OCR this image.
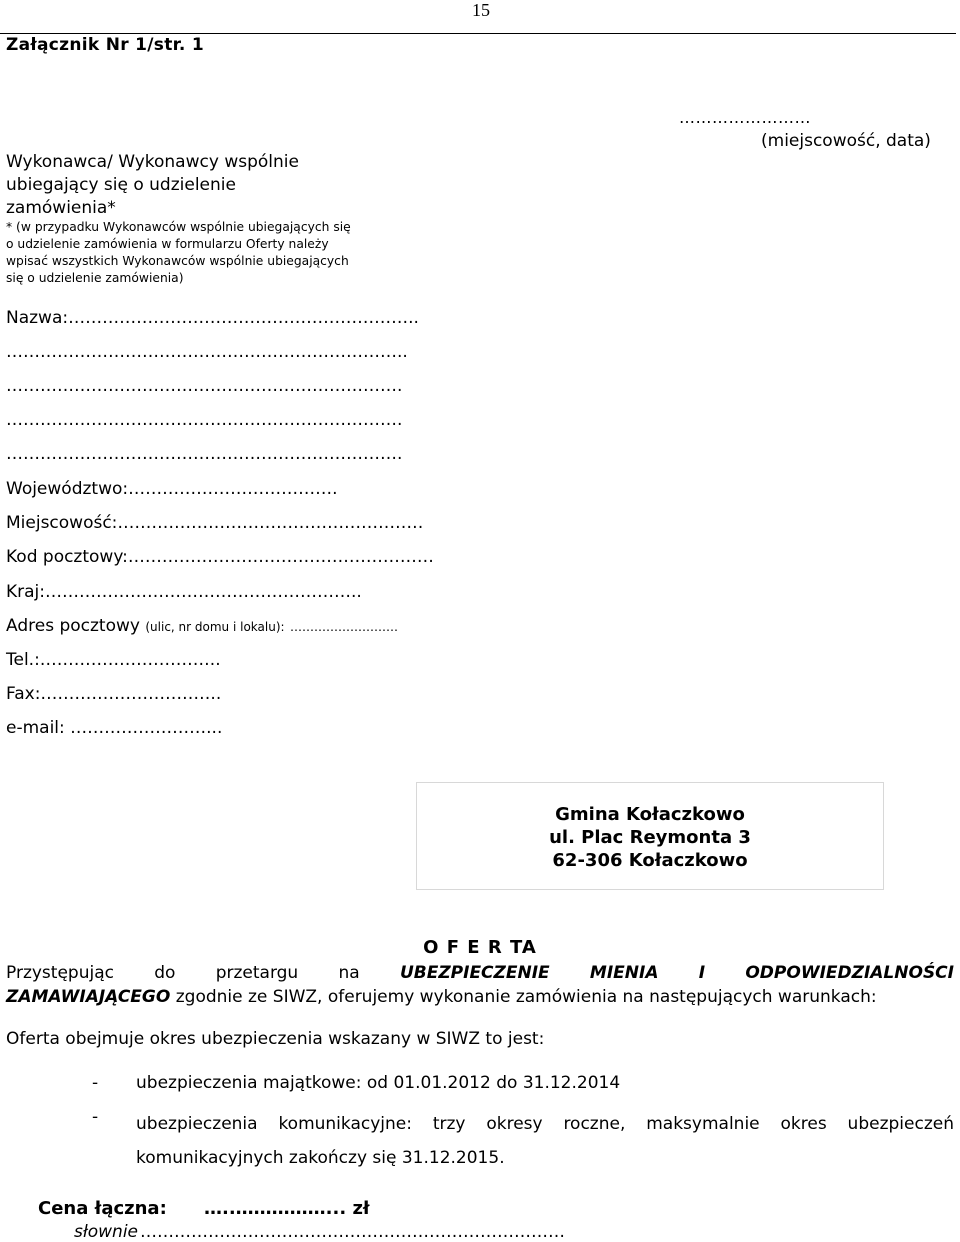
15
Załącznik Nr 1/str. 1
……………………
(miejscowość, data)
Wykonawca/ Wykonawcy wspólnie ubiegający się o udzielenie zamówienia*
* (w przypadku Wykonawców wspólnie ubiegających się o udzielenie zamówienia w formularzu Oferty należy wpisać wszystkich Wykonawców wspólnie ubiegających się o udzielenie zamówienia)
Nazwa:……………………………………………………..
……………………………………………………………..
…………………………………………………………….
…………………………………………………………….
…………………………………………………………….
Województwo:……………………………….
Miejscowość:………………………………………………
Kod pocztowy:………………………………………………
Kraj:………………………………………………..
Adres pocztowy (ulic, nr domu i lokalu): ………………………
Tel.:…………………………..
Fax:…………………………..
e-mail: ……………………...
Gmina Kołaczkowo
ul. Plac Reymonta 3
62-306 Kołaczkowo
O F E R TA
Przystępując do przetargu na UBEZPIECZENIE MIENIA I ODPOWIEDZIALNOŚCI
ZAMAWIAJĄCEGO zgodnie ze SIWZ, oferujemy wykonanie zamówienia na następujących warunkach:
Oferta obejmuje okres ubezpieczenia wskazany w SIWZ to jest:
- ubezpieczenia majątkowe: od 01.01.2012 do 31.12.2014
- ubezpieczenia komunikacyjne: trzy okresy roczne, maksymalnie okres ubezpieczeń
komunikacyjnych zakończy się 31.12.2015.
Cena łączna: …..……………... zł
słownie …………………………………………………………………
